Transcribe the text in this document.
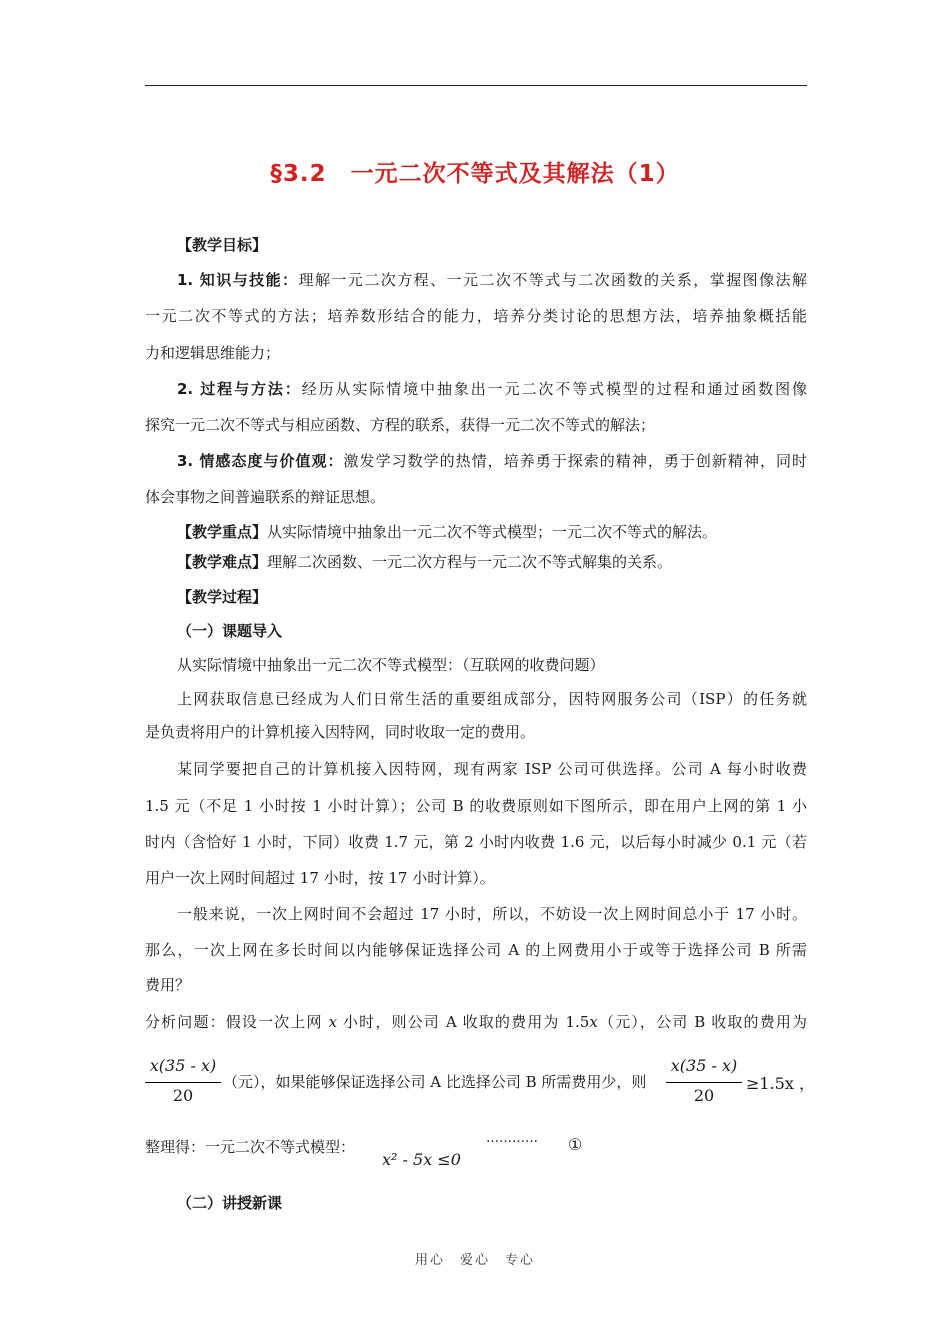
§3.2　一元二次不等式及其解法（1）
【教学目标】
1. 知识与技能：理解一元二次方程、一元二次不等式与二次函数的关系，掌握图像法解
一元二次不等式的方法；培养数形结合的能力，培养分类讨论的思想方法，培养抽象概括能
力和逻辑思维能力；
2. 过程与方法：经历从实际情境中抽象出一元二次不等式模型的过程和通过函数图像
探究一元二次不等式与相应函数、方程的联系，获得一元二次不等式的解法；
3. 情感态度与价值观：激发学习数学的热情，培养勇于探索的精神，勇于创新精神，同时
体会事物之间普遍联系的辩证思想。
【教学重点】从实际情境中抽象出一元二次不等式模型；一元二次不等式的解法。
【教学难点】理解二次函数、一元二次方程与一元二次不等式解集的关系。
【教学过程】
（一）课题导入
从实际情境中抽象出一元二次不等式模型：（互联网的收费问题）
上网获取信息已经成为人们日常生活的重要组成部分，因特网服务公司（ISP）的任务就
是负责将用户的计算机接入因特网，同时收取一定的费用。
某同学要把自己的计算机接入因特网，现有两家 ISP 公司可供选择。公司 A 每小时收费
1.5 元（不足 1 小时按 1 小时计算）；公司 B 的收费原则如下图所示，即在用户上网的第 1 小
时内（含恰好 1 小时，下同）收费 1.7 元，第 2 小时内收费 1.6 元，以后每小时减少 0.1 元（若
用户一次上网时间超过 17 小时，按 17 小时计算）。
一般来说，一次上网时间不会超过 17 小时，所以，不妨设一次上网时间总小于 17 小时。
那么，一次上网在多长时间以内能够保证选择公司 A 的上网费用小于或等于选择公司 B 所需
费用？
分析问题：假设一次上网 x 小时，则公司 A 收取的费用为 1.5x（元），公司 B 收取的费用为
x(35 - x)
20
（元），如果能够保证选择公司 A 比选择公司 B 所需费用少，则
x(35 - x)
20
≥1.5x ，
整理得：一元二次不等式模型：
x² - 5x ≤0
………… ①
（二）讲授新课
用心　爱心　专心
